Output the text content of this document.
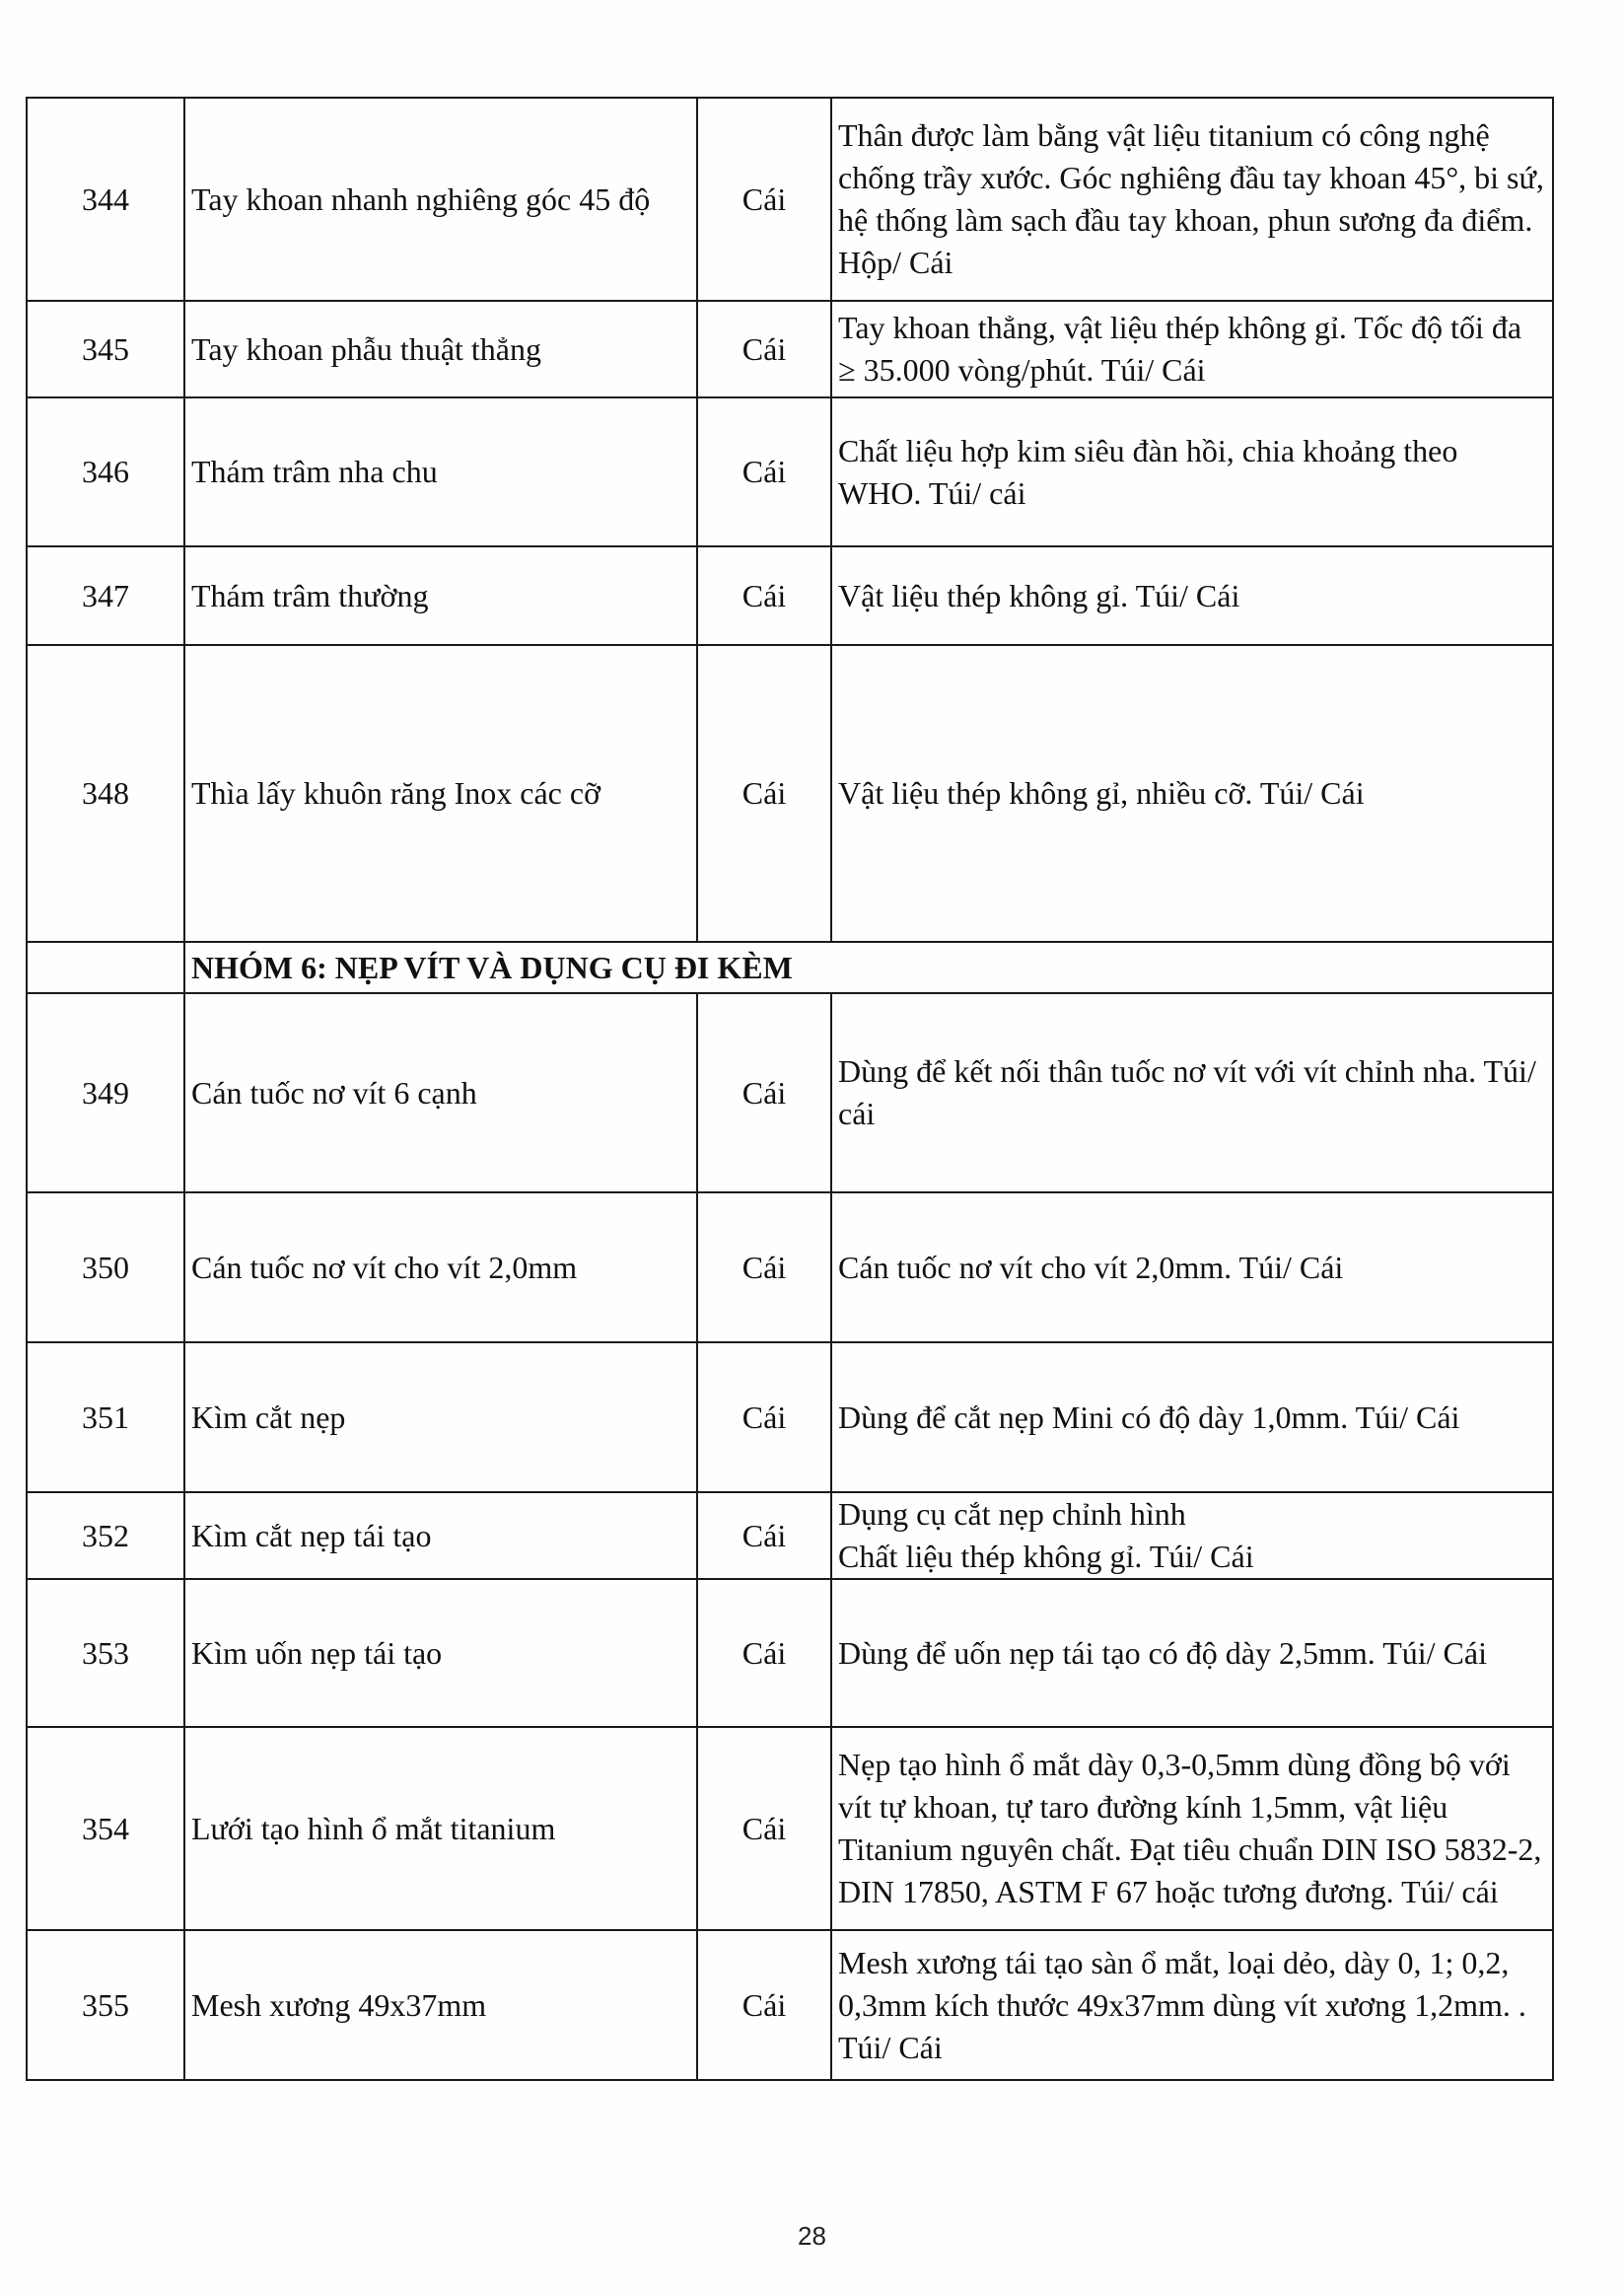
344	Tay khoan nhanh nghiêng góc 45 độ	Cái	Thân được làm bằng vật liệu titanium có công nghệ chống trầy xước. Góc nghiêng đầu tay khoan 45°, bi sứ, hệ thống làm sạch đầu tay khoan, phun sương đa điểm. Hộp/ Cái

345	Tay khoan phẫu thuật thẳng	Cái	Tay khoan thẳng, vật liệu thép không gỉ. Tốc độ tối đa ≥ 35.000 vòng/phút. Túi/ Cái

346	Thám trâm nha chu	Cái	Chất liệu hợp kim siêu đàn hồi, chia khoảng theo WHO. Túi/ cái

347	Thám trâm thường	Cái	Vật liệu thép không gỉ. Túi/ Cái

348	Thìa lấy khuôn răng Inox các cỡ	Cái	Vật liệu thép không gỉ, nhiều cỡ. Túi/ Cái

	NHÓM 6: NẸP VÍT VÀ DỤNG CỤ ĐI KÈM		
349	Cán tuốc nơ vít 6 cạnh	Cái	Dùng để kết nối thân tuốc nơ vít với vít chỉnh nha. Túi/ cái

350	Cán tuốc nơ vít cho vít 2,0mm	Cái	Cán tuốc nơ vít cho vít 2,0mm. Túi/ Cái

351	Kìm cắt nẹp	Cái	Dùng để cắt nẹp Mini có độ dày 1,0mm. Túi/ Cái

352	Kìm cắt nẹp tái tạo	Cái	Dụng cụ cắt nẹp chỉnh hình
Chất liệu thép không gỉ. Túi/ Cái

353	Kìm uốn nẹp tái tạo	Cái	Dùng để uốn nẹp tái tạo có độ dày 2,5mm. Túi/ Cái

354	Lưới tạo hình ổ mắt titanium	Cái	Nẹp tạo hình ổ mắt dày 0,3-0,5mm dùng đồng bộ với vít tự khoan, tự taro đường kính 1,5mm, vật liệu Titanium nguyên chất. Đạt tiêu chuẩn DIN ISO 5832-2, DIN 17850, ASTM F 67 hoặc tương đương. Túi/ cái

355	Mesh xương 49x37mm	Cái	Mesh xương tái tạo sàn ổ mắt, loại dẻo, dày 0, 1; 0,2, 0,3mm kích thước 49x37mm dùng vít xương 1,2mm. . Túi/ Cái
28
